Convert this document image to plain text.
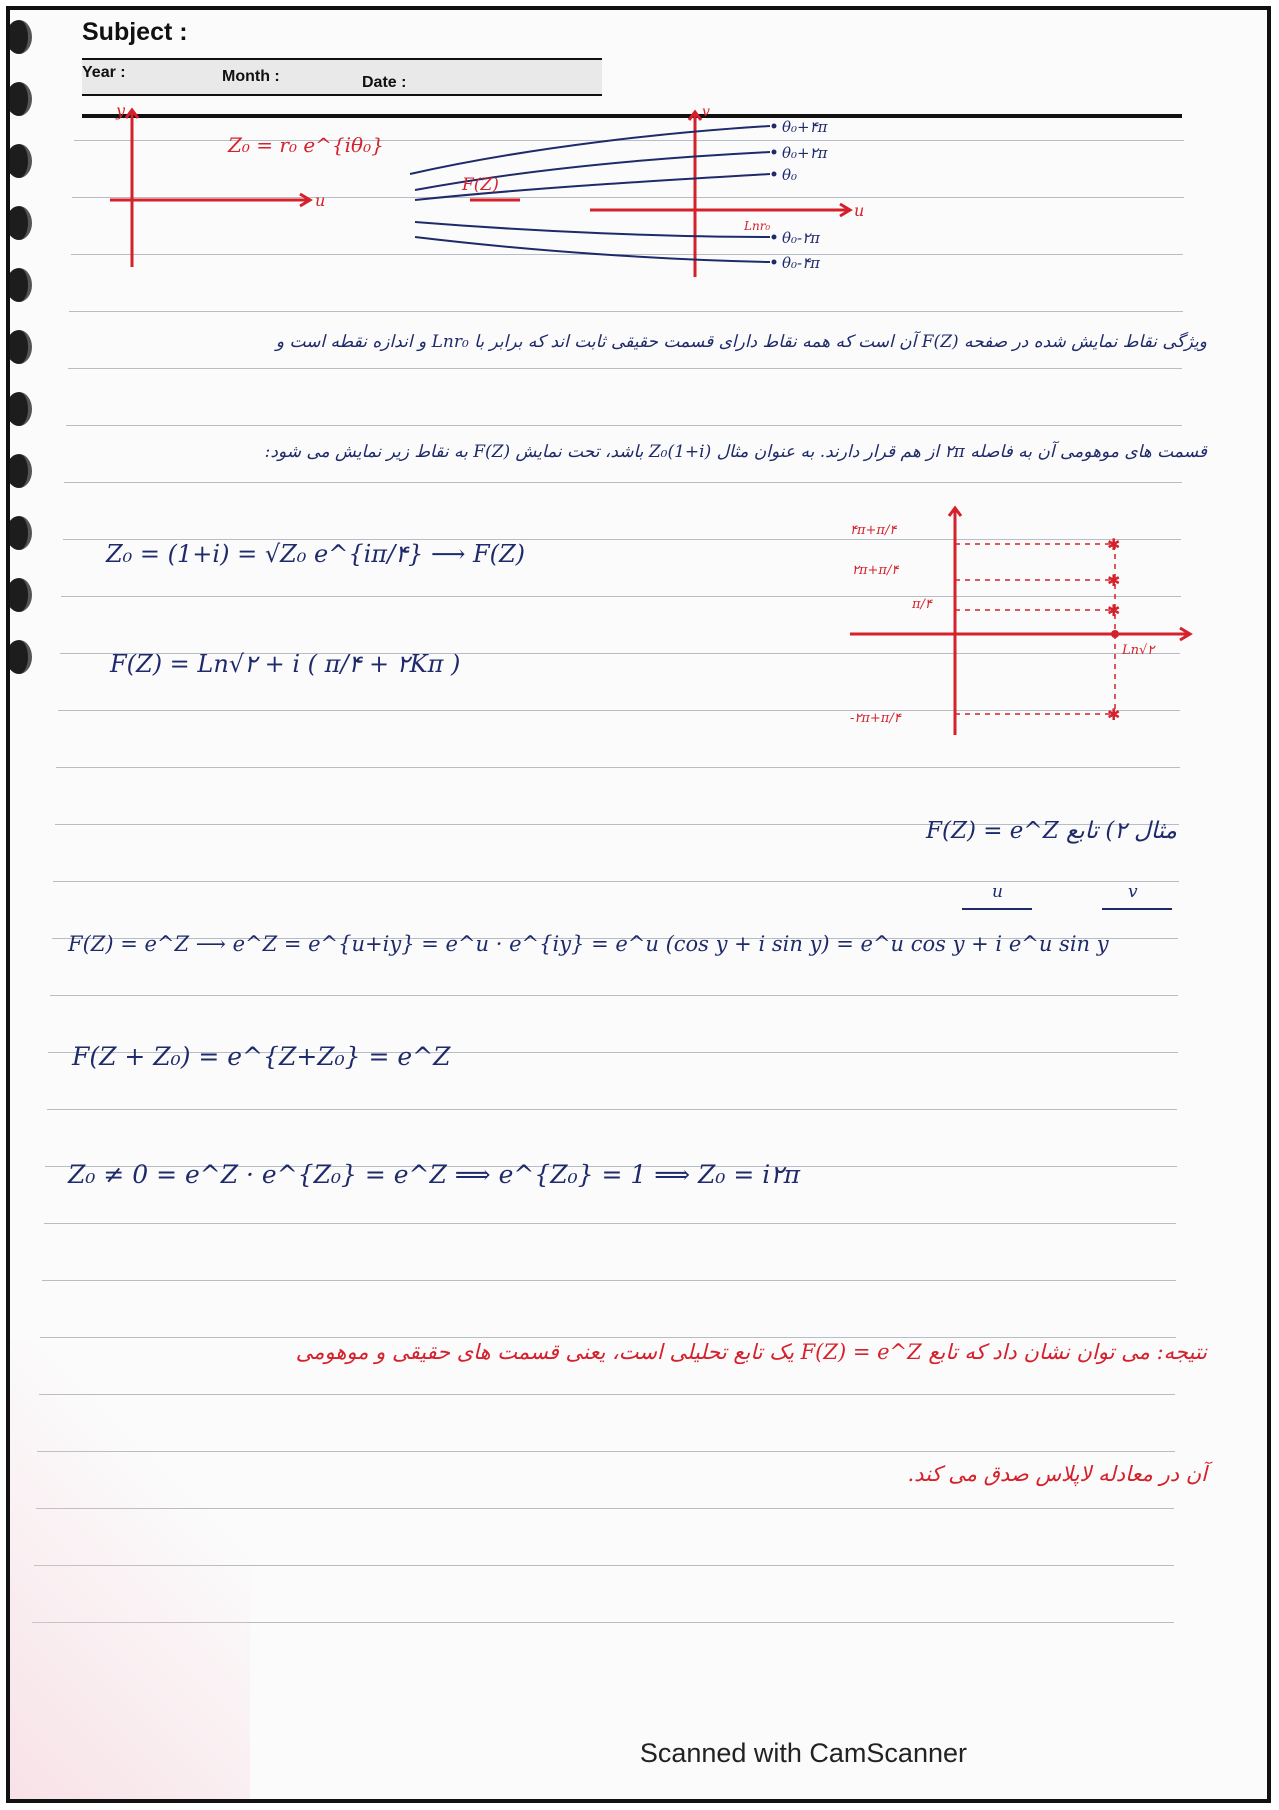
Subject :
Year :	Month :	Date :
Z₀ = r₀ e^{iθ₀}
y
u
F(Z)
v
u
Lnr₀
θ₀+۴π
θ₀+۲π
θ₀
θ₀-۲π
θ₀-۴π
ویژگی نقاط نمایش شده در صفحه F(Z) آن است که همه نقاط دارای قسمت حقیقی ثابت اند که برابر با Lnr₀ و اندازه نقطه است و
قسمت های موهومی آن به فاصله ۲π از هم قرار دارند. به عنوان مثال Z₀(1+i) باشد، تحت نمایش F(Z) به نقاط زیر نمایش می شود:
Z₀ = (1+i) = √Z₀ e^{iπ/۴} ⟶ F(Z)
F(Z) = Ln√۲ + i ( π/۴ + ۲Kπ )
✱
✱
✱
✱
Ln√۲
۴π+π/۴
۲π+π/۴
π/۴
-۲π+π/۴
مثال ۲) تابع F(Z) = e^Z
u	v
F(Z) = e^Z ⟶ e^Z = e^{u+iy} = e^u · e^{iy} = e^u (cos y + i sin y) = e^u cos y + i e^u sin y
F(Z + Z₀) = e^{Z+Z₀} = e^Z
Z₀ ≠ 0 = e^Z · e^{Z₀} = e^Z ⟹ e^{Z₀} = 1 ⟹ Z₀ = i۲π
نتیجه: می توان نشان داد که تابع F(Z) = e^Z یک تابع تحلیلی است، یعنی قسمت های حقیقی و موهومی
آن در معادله لاپلاس صدق می کند.
Scanned with CamScanner
